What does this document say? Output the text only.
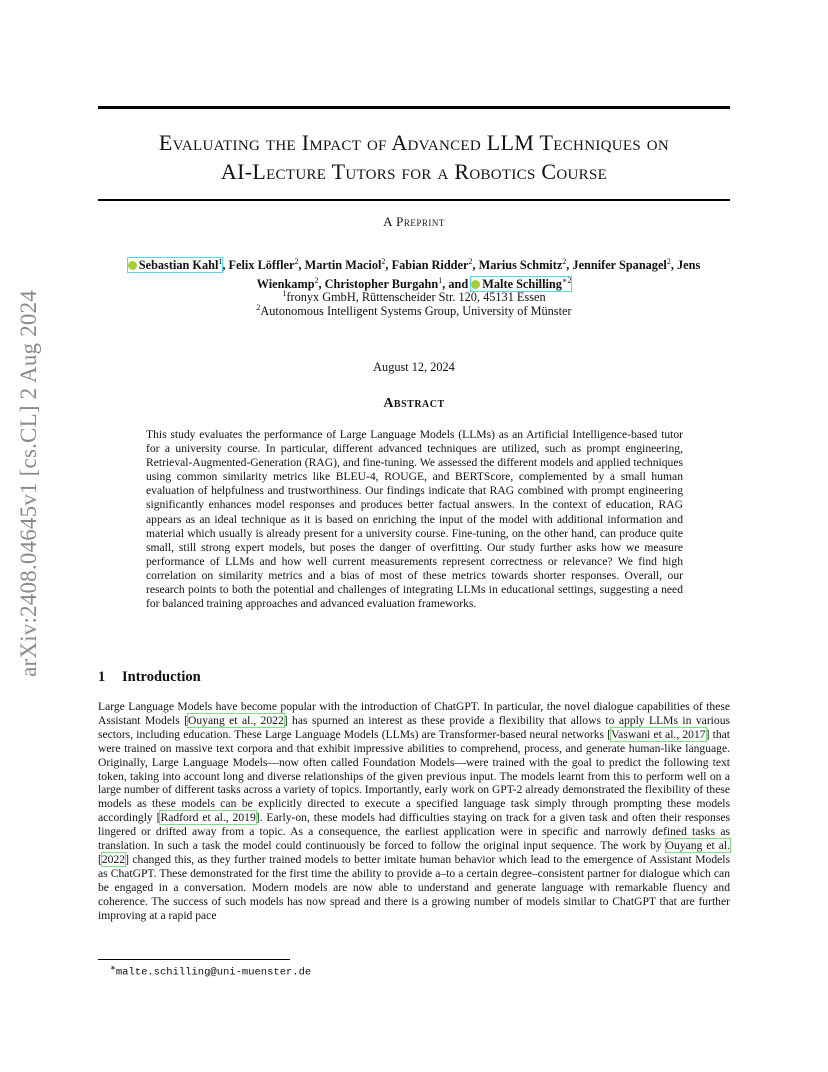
arXiv:2408.04645v1 [cs.CL] 2 Aug 2024
Evaluating the Impact of Advanced LLM Techniques on
AI-Lecture Tutors for a Robotics Course
A Preprint
Sebastian Kahl$^1$, Felix Löffler$^2$, Martin Maciol$^2$, Fabian Ridder$^2$, Marius Schmitz$^2$, Jennifer Spanagel$^2$, Jens Wienkamp$^2$, Christopher Burgahn$^1$, and Malte Schilling$^{∗2}$
$^1$fronyx GmbH, Rüttenscheider Str. 120, 45131 Essen
$^2$Autonomous Intelligent Systems Group, University of Münster
August 12, 2024
Abstract
This study evaluates the performance of Large Language Models (LLMs) as an Artificial Intelligence-based tutor for a university course. In particular, different advanced techniques are utilized, such as prompt engineering, Retrieval-Augmented-Generation (RAG), and fine-tuning. We assessed the different models and applied techniques using common similarity metrics like BLEU-4, ROUGE, and BERTScore, complemented by a small human evaluation of helpfulness and trustworthiness. Our findings indicate that RAG combined with prompt engineering significantly enhances model responses and produces better factual answers. In the context of education, RAG appears as an ideal technique as it is based on enriching the input of the model with additional information and material which usually is already present for a university course. Fine-tuning, on the other hand, can produce quite small, still strong expert models, but poses the danger of overfitting. Our study further asks how we measure performance of LLMs and how well current measurements represent correctness or relevance? We find high correlation on similarity metrics and a bias of most of these metrics towards shorter responses. Overall, our research points to both the potential and challenges of integrating LLMs in educational settings, suggesting a need for balanced training approaches and advanced evaluation frameworks.
1 Introduction
Large Language Models have become popular with the introduction of ChatGPT. In particular, the novel dialogue capabilities of these Assistant Models [Ouyang et al., 2022] has spurned an interest as these provide a flexibility that allows to apply LLMs in various sectors, including education. These Large Language Models (LLMs) are Transformer-based neural networks [Vaswani et al., 2017] that were trained on massive text corpora and that exhibit impressive abilities to comprehend, process, and generate human-like language. Originally, Large Language Models—now often called Foundation Models—were trained with the goal to predict the following text token, taking into account long and diverse relationships of the given previous input. The models learnt from this to perform well on a large number of different tasks across a variety of topics. Importantly, early work on GPT-2 already demonstrated the flexibility of these models as these models can be explicitly directed to execute a specified language task simply through prompting these models accordingly [Radford et al., 2019]. Early-on, these models had difficulties staying on track for a given task and often their responses lingered or drifted away from a topic. As a consequence, the earliest application were in specific and narrowly defined tasks as translation. In such a task the model could continuously be forced to follow the original input sequence. The work by Ouyang et al. [2022] changed this, as they further trained models to better imitate human behavior which lead to the emergence of Assistant Models as ChatGPT. These demonstrated for the first time the ability to provide a–to a certain degree–consistent partner for dialogue which can be engaged in a conversation. Modern models are now able to understand and generate language with remarkable fluency and coherence. The success of such models has now spread and there is a growing number of models similar to ChatGPT that are further improving at a rapid pace
∗malte.schilling@uni-muenster.de
